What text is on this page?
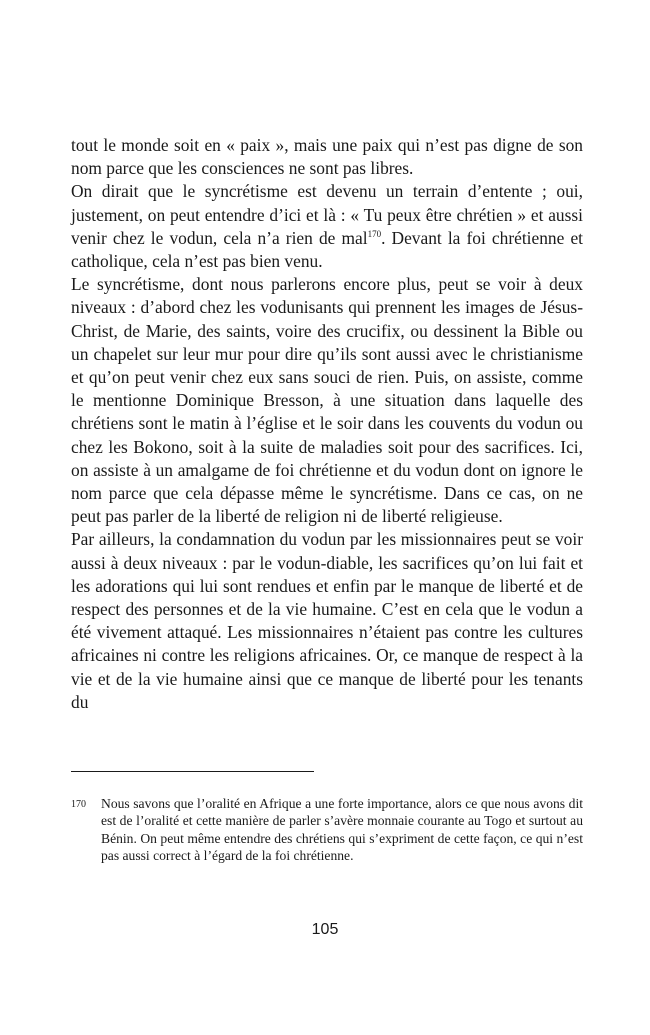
tout le monde soit en « paix », mais une paix qui n’est pas digne de son nom parce que les consciences ne sont pas libres.

On dirait que le syncrétisme est devenu un terrain d’entente ; oui, justement, on peut entendre d’ici et là : « Tu peux être chrétien » et aussi venir chez le vodun, cela n’a rien de mal$^{170}$. Devant la foi chrétienne et catholique, cela n’est pas bien venu.

Le syncrétisme, dont nous parlerons encore plus, peut se voir à deux niveaux : d’abord chez les vodunisants qui prennent les images de Jésus-Christ, de Marie, des saints, voire des crucifix, ou dessinent la Bible ou un chapelet sur leur mur pour dire qu’ils sont aussi avec le christianisme et qu’on peut venir chez eux sans souci de rien. Puis, on assiste, comme le mentionne Dominique Bresson, à une situation dans laquelle des chrétiens sont le matin à l’église et le soir dans les couvents du vodun ou chez les Bokono, soit à la suite de maladies soit pour des sacrifices. Ici, on assiste à un amalgame de foi chrétienne et du vodun dont on ignore le nom parce que cela dépasse même le syncrétisme. Dans ce cas, on ne peut pas parler de la liberté de religion ni de liberté religieuse.

Par ailleurs, la condamnation du vodun par les missionnaires peut se voir aussi à deux niveaux : par le vodun-diable, les sacrifices qu’on lui fait et les adorations qui lui sont rendues et enfin par le manque de liberté et de respect des personnes et de la vie humaine. C’est en cela que le vodun a été vivement attaqué. Les missionnaires n’étaient pas contre les cultures africaines ni contre les religions africaines. Or, ce manque de respect à la vie et de la vie humaine ainsi que ce manque de liberté pour les tenants du

170 Nous savons que l’oralité en Afrique a une forte importance, alors ce que nous avons dit est de l’oralité et cette manière de parler s’avère monnaie courante au Togo et surtout au Bénin. On peut même entendre des chrétiens qui s’expriment de cette façon, ce qui n’est pas aussi correct à l’égard de la foi chrétienne.
105
